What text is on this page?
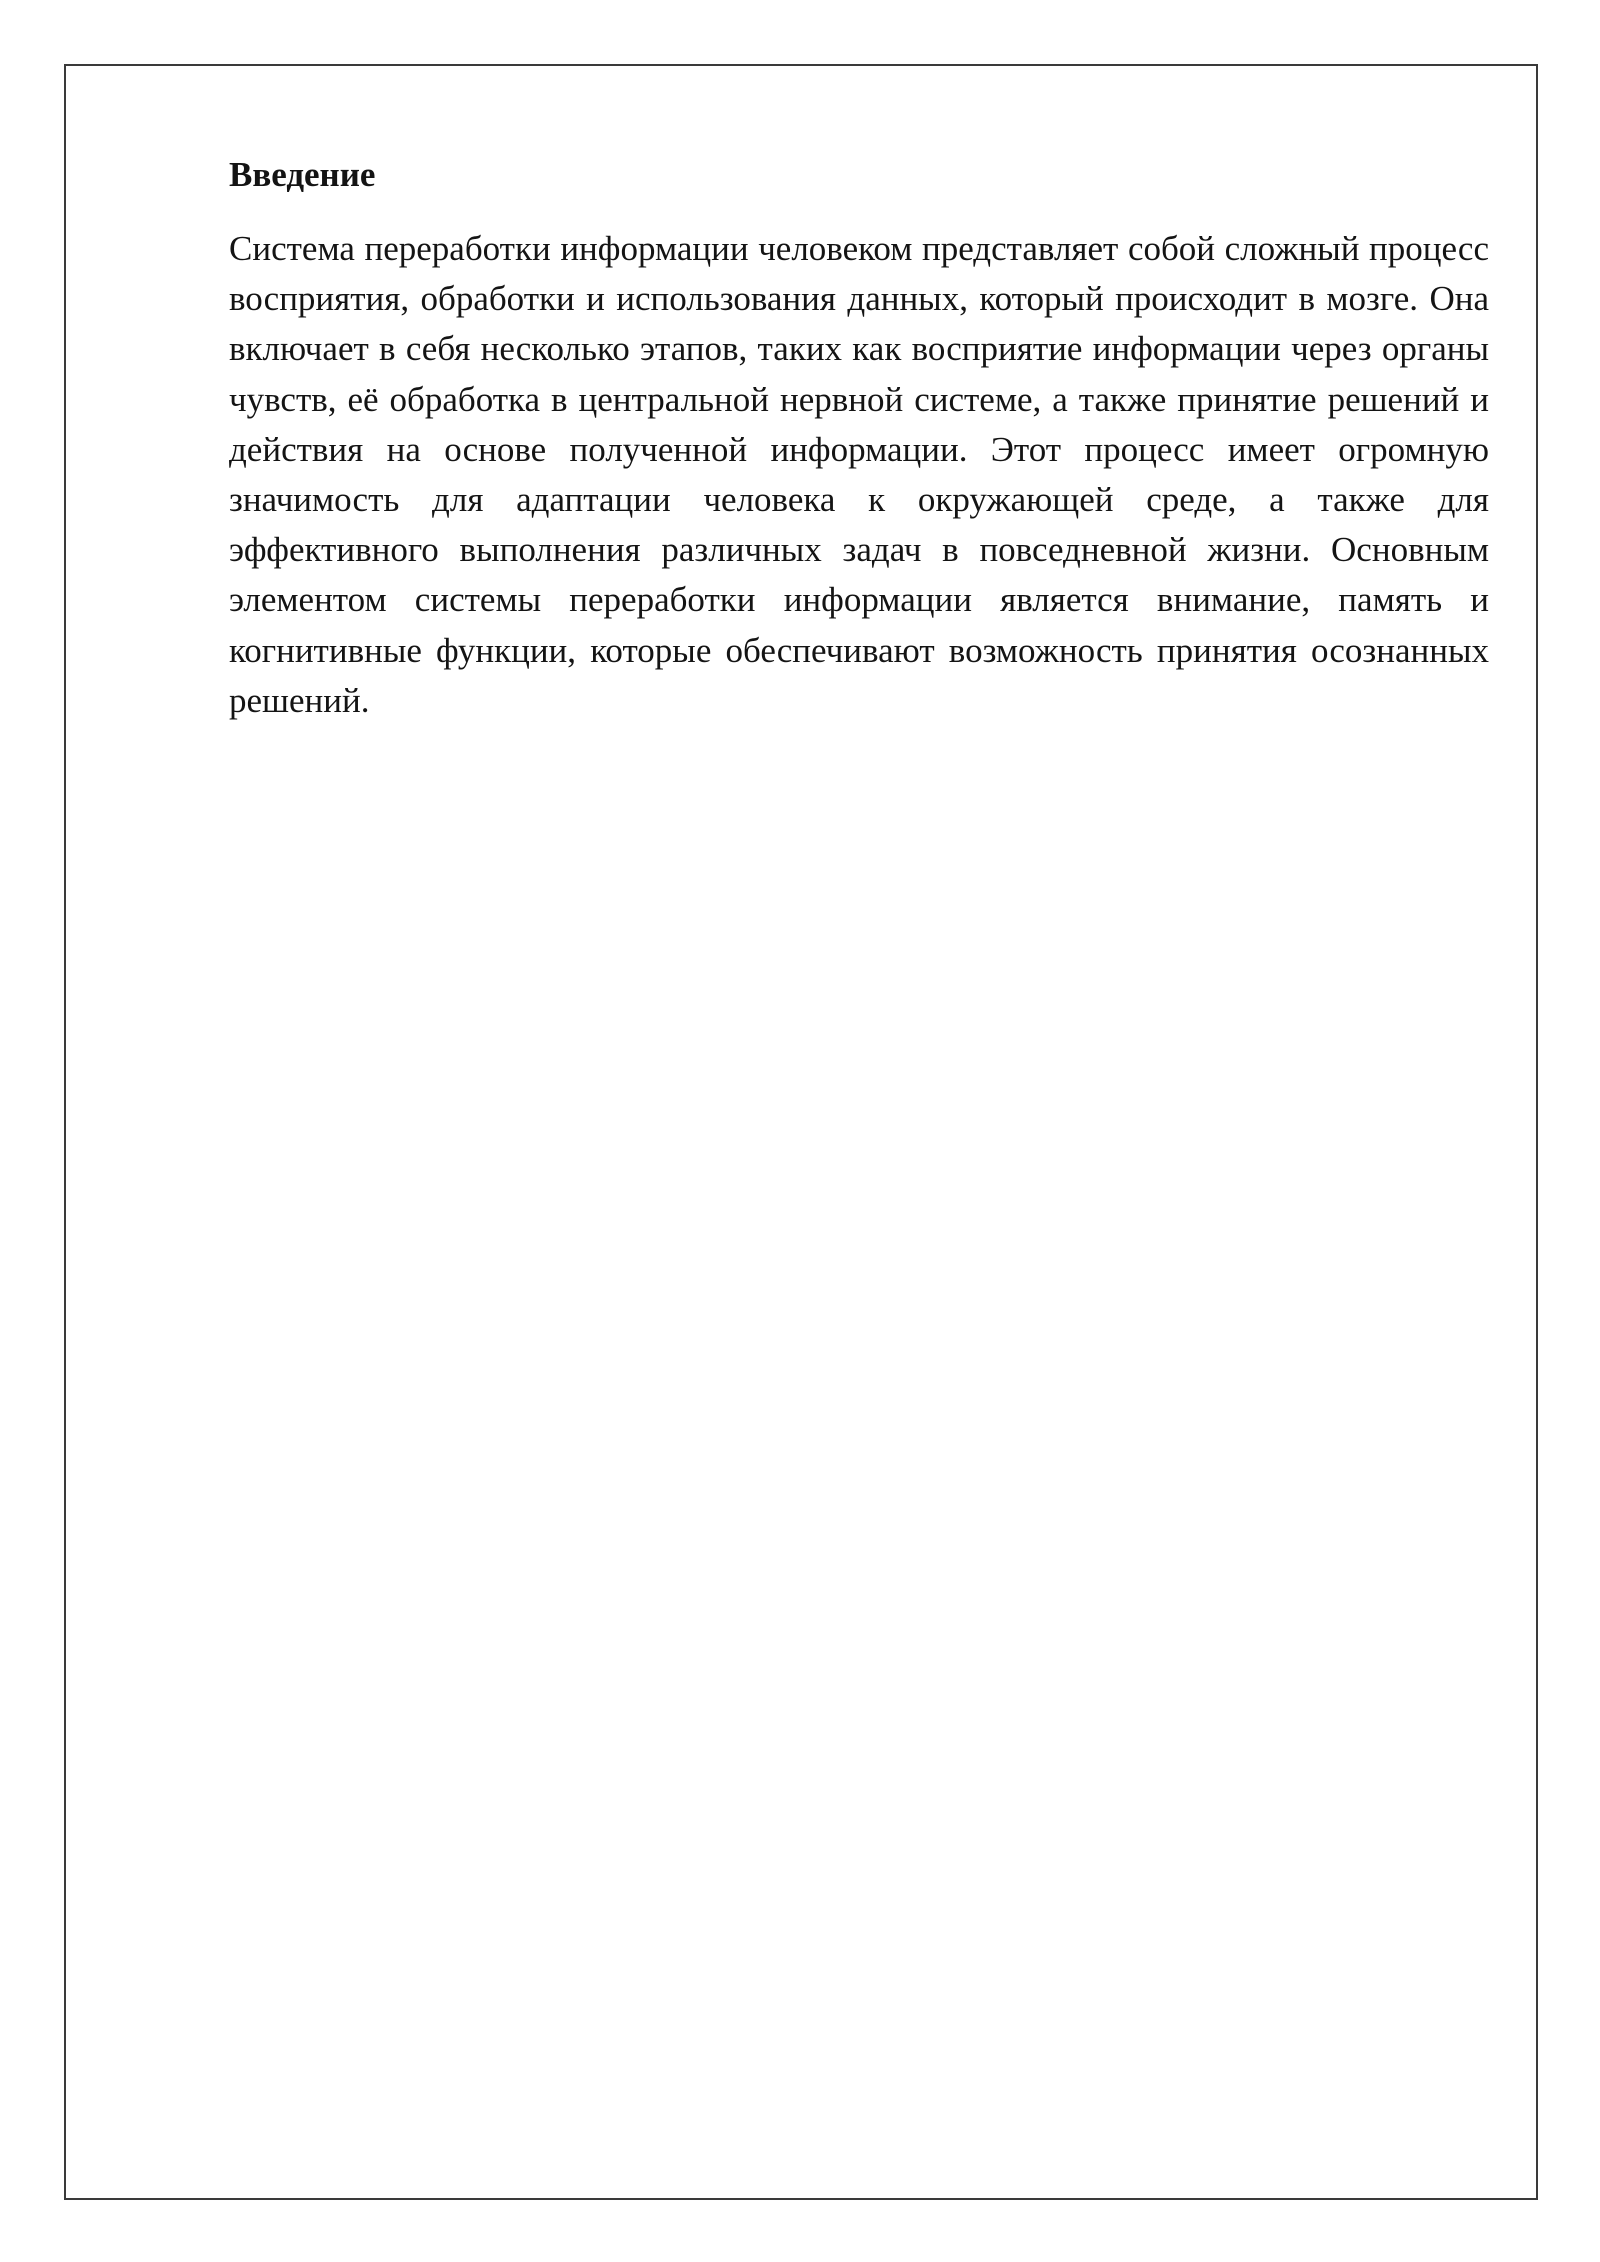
Введение

Система переработки информации человеком представляет собой сложный процесс восприятия, обработки и использования данных, который происходит в мозге. Она включает в себя несколько этапов, таких как восприятие информации через органы чувств, её обработка в центральной нервной системе, а также принятие решений и действия на основе полученной информации. Этот процесс имеет огромную значимость для адаптации человека к окружающей среде, а также для эффективного выполнения различных задач в повседневной жизни. Основным элементом системы переработки информации является внимание, память и когнитивные функции, которые обеспечивают возможность принятия осознанных решений.
